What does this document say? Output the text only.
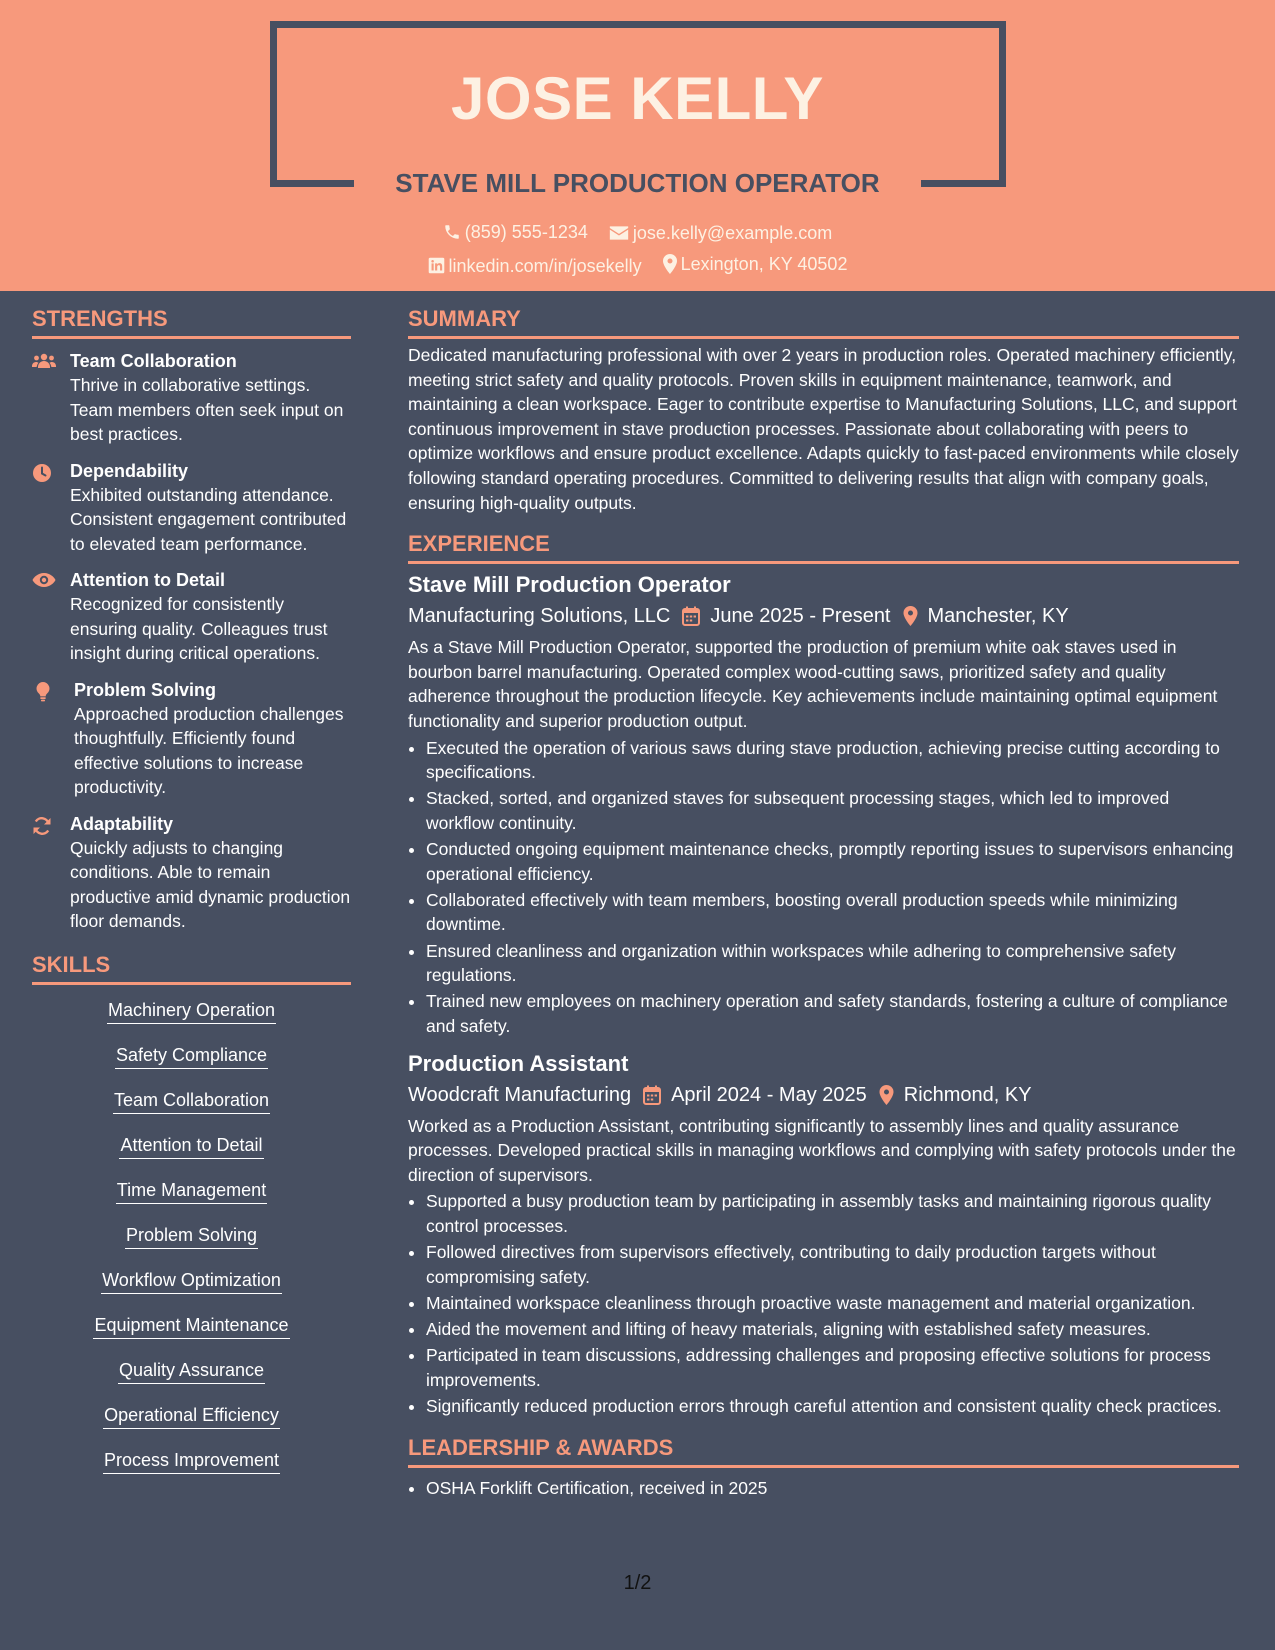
JOSE KELLY
STAVE MILL PRODUCTION OPERATOR
(859) 555-1234
	jose.kelly@example.com
linkedin.com/in/josekelly
Lexington, KY 40502
STRENGTHS
Team Collaboration
Thrive in collaborative settings. Team members often seek input on best practices.
Dependability
Exhibited outstanding attendance. Consistent engagement contributed to elevated team performance.
Attention to Detail
Recognized for consistently ensuring quality. Colleagues trust insight during critical operations.
Problem Solving
Approached production challenges thoughtfully. Efficiently found effective solutions to increase productivity.
Adaptability
Quickly adjusts to changing conditions. Able to remain productive amid dynamic production floor demands.
SKILLS
Machinery Operation
Safety Compliance
Team Collaboration
Attention to Detail
Time Management
Problem Solving
Workflow Optimization
Equipment Maintenance
Quality Assurance
Operational Efficiency
Process Improvement
SUMMARY
Dedicated manufacturing professional with over 2 years in production roles. Operated machinery efficiently, meeting strict safety and quality protocols. Proven skills in equipment maintenance, teamwork, and maintaining a clean workspace. Eager to contribute expertise to Manufacturing Solutions, LLC, and support continuous improvement in stave production processes. Passionate about collaborating with peers to optimize workflows and ensure product excellence. Adapts quickly to fast-paced environments while closely following standard operating procedures. Committed to delivering results that align with company goals, ensuring high-quality outputs.
EXPERIENCE
Stave Mill Production Operator
Manufacturing Solutions, LLC June 2025 - Present Manchester, KY
As a Stave Mill Production Operator, supported the production of premium white oak staves used in bourbon barrel manufacturing. Operated complex wood-cutting saws, prioritized safety and quality adherence throughout the production lifecycle. Key achievements include maintaining optimal equipment functionality and superior production output.
• Executed the operation of various saws during stave production, achieving precise cutting according to specifications.
• Stacked, sorted, and organized staves for subsequent processing stages, which led to improved workflow continuity.
• Conducted ongoing equipment maintenance checks, promptly reporting issues to supervisors enhancing operational efficiency.
• Collaborated effectively with team members, boosting overall production speeds while minimizing downtime.
• Ensured cleanliness and organization within workspaces while adhering to comprehensive safety regulations.
• Trained new employees on machinery operation and safety standards, fostering a culture of compliance and safety.
Production Assistant
Woodcraft Manufacturing April 2024 - May 2025 Richmond, KY
Worked as a Production Assistant, contributing significantly to assembly lines and quality assurance processes. Developed practical skills in managing workflows and complying with safety protocols under the direction of supervisors.
• Supported a busy production team by participating in assembly tasks and maintaining rigorous quality control processes.
• Followed directives from supervisors effectively, contributing to daily production targets without compromising safety.
• Maintained workspace cleanliness through proactive waste management and material organization.
• Aided the movement and lifting of heavy materials, aligning with established safety measures.
• Participated in team discussions, addressing challenges and proposing effective solutions for process improvements.
• Significantly reduced production errors through careful attention and consistent quality check practices.
LEADERSHIP & AWARDS
• OSHA Forklift Certification, received in 2025
1/2
